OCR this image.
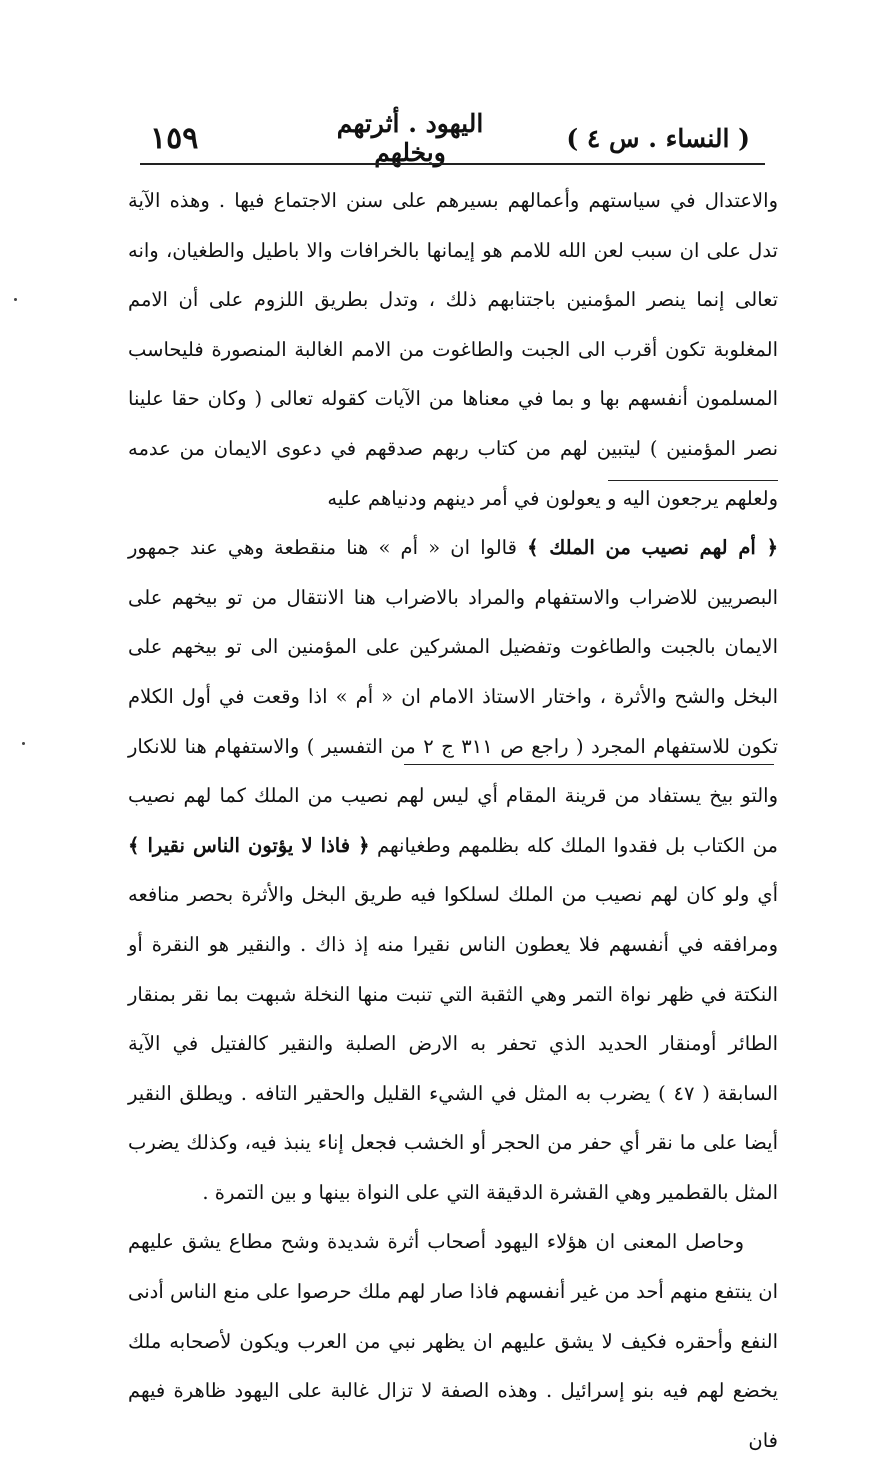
( النساء . س ٤ )
اليهود . أثرتهم وبخلهم
١٥٩

والاعتدال في سياستهم وأعمالهم بسيرهم على سنن الاجتماع فيها . وهذه الآية تدل على ان سبب لعن الله للامم هو إيمانها بالخرافات والا باطيل والطغيان، وانه تعالى إنما ينصر المؤمنين باجتنابهم ذلك ، وتدل بطريق اللزوم على أن الامم المغلوبة تكون أقرب الى الجبت والطاغوت من الامم الغالبة المنصورة فليحاسب المسلمون أنفسهم بها و بما في معناها من الآيات كقوله تعالى ( وكان حقا علينا نصر المؤمنين ) ليتبين لهم من كتاب ربهم صدقهم في دعوى الايمان من عدمه ولعلهم يرجعون اليه و يعولون في أمر دينهم ودنياهم عليه

﴿ أم لهم نصيب من الملك ﴾ قالوا ان « أم » هنا منقطعة وهي عند جمهور البصريين للاضراب والاستفهام والمراد بالاضراب هنا الانتقال من تو بيخهم على الايمان بالجبت والطاغوت وتفضيل المشركين على المؤمنين الى تو بيخهم على البخل والشح والأثرة ، واختار الاستاذ الامام ان « أم » اذا وقعت في أول الكلام تكون للاستفهام المجرد ( راجع ص ٣١١ ج ٢ من التفسير ) والاستفهام هنا للانكار والتو بيخ يستفاد من قرينة المقام أي ليس لهم نصيب من الملك كما لهم نصيب من الكتاب بل فقدوا الملك كله بظلمهم وطغيانهم ﴿ فاذا لا يؤتون الناس نقيرا ﴾ أي ولو كان لهم نصيب من الملك لسلكوا فيه طريق البخل والأثرة بحصر منافعه ومرافقه في أنفسهم فلا يعطون الناس نقيرا منه إذ ذاك . والنقير هو النقرة أو النكتة في ظهر نواة التمر وهي الثقبة التي تنبت منها النخلة شبهت بما نقر بمنقار الطائر أومنقار الحديد الذي تحفر به الارض الصلبة والنقير كالفتيل في الآية السابقة ( ٤٧ ) يضرب به المثل في الشيء القليل والحقير التافه . ويطلق النقير أيضا على ما نقر أي حفر من الحجر أو الخشب فجعل إناء ينبذ فيه، وكذلك يضرب المثل بالقطمير وهي القشرة الدقيقة التي على النواة بينها و بين التمرة .

وحاصل المعنى ان هؤلاء اليهود أصحاب أثرة شديدة وشح مطاع يشق عليهم ان ينتفع منهم أحد من غير أنفسهم فاذا صار لهم ملك حرصوا على منع الناس أدنى النفع وأحقره فكيف لا يشق عليهم ان يظهر نبي من العرب ويكون لأصحابه ملك يخضع لهم فيه بنو إسرائيل . وهذه الصفة لا تزال غالبة على اليهود ظاهرة فيهم فان
